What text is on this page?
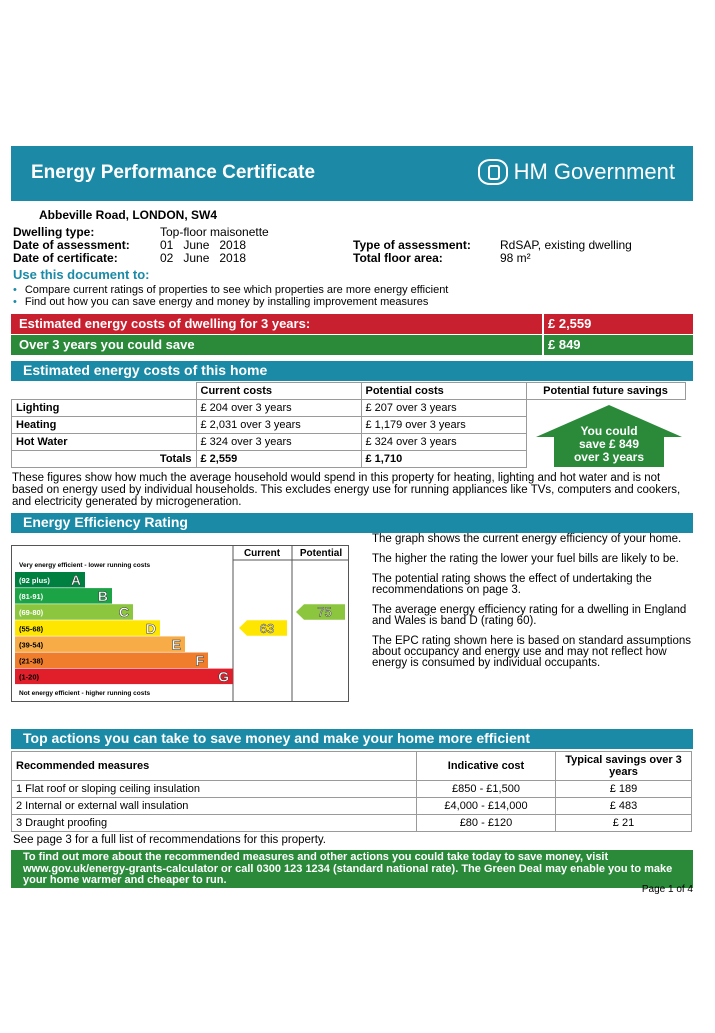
Energy Performance Certificate	HM Government
Abbeville Road, LONDON, SW4
Dwelling type:	Top-floor maisonette
Date of assessment:	01   June   2018
Date of certificate:	02   June   2018
Type of assessment: RdSAP, existing dwelling
Total floor area:	98 m²
Use this document to:
• Compare current ratings of properties to see which properties are more energy efficient
• Find out how you can save energy and money by installing improvement measures
Estimated energy costs of dwelling for 3 years:	£ 2,559
Over 3 years you could save	£ 849
Estimated energy costs of this home
	Current costs	Potential costs	Potential future savings
Lighting	£ 204 over 3 years	£ 207 over 3 years	
Heating	£ 2,031 over 3 years	£ 1,179 over 3 years	
Hot Water	£ 324 over 3 years	£ 324 over 3 years	
Totals	£ 2,559	£ 1,710	
You could
save £ 849
over 3 years
These figures show how much the average household would spend in this property for heating, lighting and hot water and is not based on energy used by individual households. This excludes energy use for running appliances like TVs, computers and cookers, and electricity generated by microgeneration.
Energy Efficiency Rating
Current Potential
Very energy efficient - lower running costs
Not energy efficient - higher running costs
(92 plus) A
(81-91)	B
(69-80)	C
(55-68)	D
(39-54)	E
(21-38)	F
(1-20)	G
63
75

The graph shows the current energy efficiency of your home.

The higher the rating the lower your fuel bills are likely to be.

The potential rating shows the effect of undertaking the recommendations on page 3.

The average energy efficiency rating for a dwelling in England and Wales is band D (rating 60).

The EPC rating shown here is based on standard assumptions about occupancy and energy use and may not reflect how energy is consumed by individual occupants.

Top actions you can take to save money and make your home more efficient
Recommended measures	Indicative cost	Typical savings over 3 years
1 Flat roof or sloping ceiling insulation	£850 - £1,500	£ 189
2 Internal or external wall insulation	£4,000 - £14,000	£ 483
3 Draught proofing	£80 - £120	£ 21
See page 3 for a full list of recommendations for this property.
To find out more about the recommended measures and other actions you could take today to save money, visit www.gov.uk/energy-grants-calculator or call 0300 123 1234 (standard national rate). The Green Deal may enable you to make your home warmer and cheaper to run.
Page 1 of 4
